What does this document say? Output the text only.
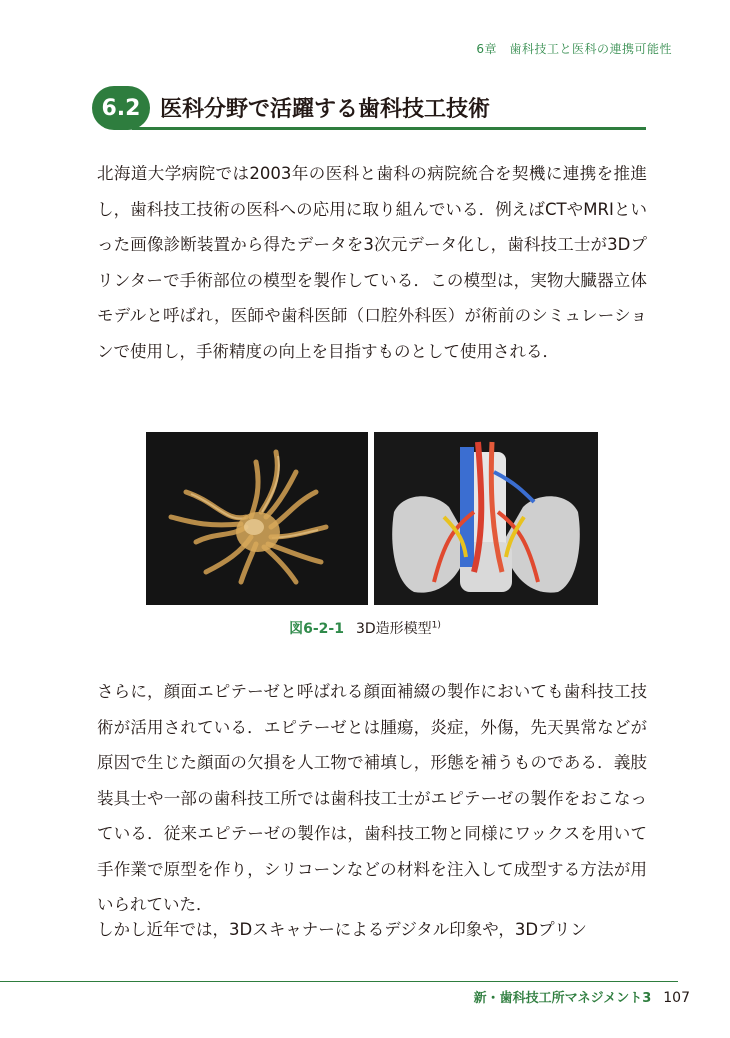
6章　歯科技工と医科の連携可能性
6.2 医科分野で活躍する歯科技工技術
北海道大学病院では2003年の医科と歯科の病院統合を契機に連携を推進し，歯科技工技術の医科への応用に取り組んでいる．例えばCTやMRIといった画像診断装置から得たデータを3次元データ化し，歯科技工士が3Dプリンターで手術部位の模型を製作している．この模型は，実物大臓器立体モデルと呼ばれ，医師や歯科医師（口腔外科医）が術前のシミュレーションで使用し，手術精度の向上を目指すものとして使用される．
図6-2-1 3D造形模型$^{1)}$
さらに，顔面エピテーゼと呼ばれる顔面補綴の製作においても歯科技工技術が活用されている．エピテーゼとは腫瘍，炎症，外傷，先天異常などが原因で生じた顔面の欠損を人工物で補填し，形態を補うものである．義肢装具士や一部の歯科技工所では歯科技工士がエピテーゼの製作をおこなっている．従来エピテーゼの製作は，歯科技工物と同様にワックスを用いて手作業で原型を作り，シリコーンなどの材料を注入して成型する方法が用いられていた．
しかし近年では，3Dスキャナーによるデジタル印象や，3Dプリン
新・歯科技工所マネジメント3 107
